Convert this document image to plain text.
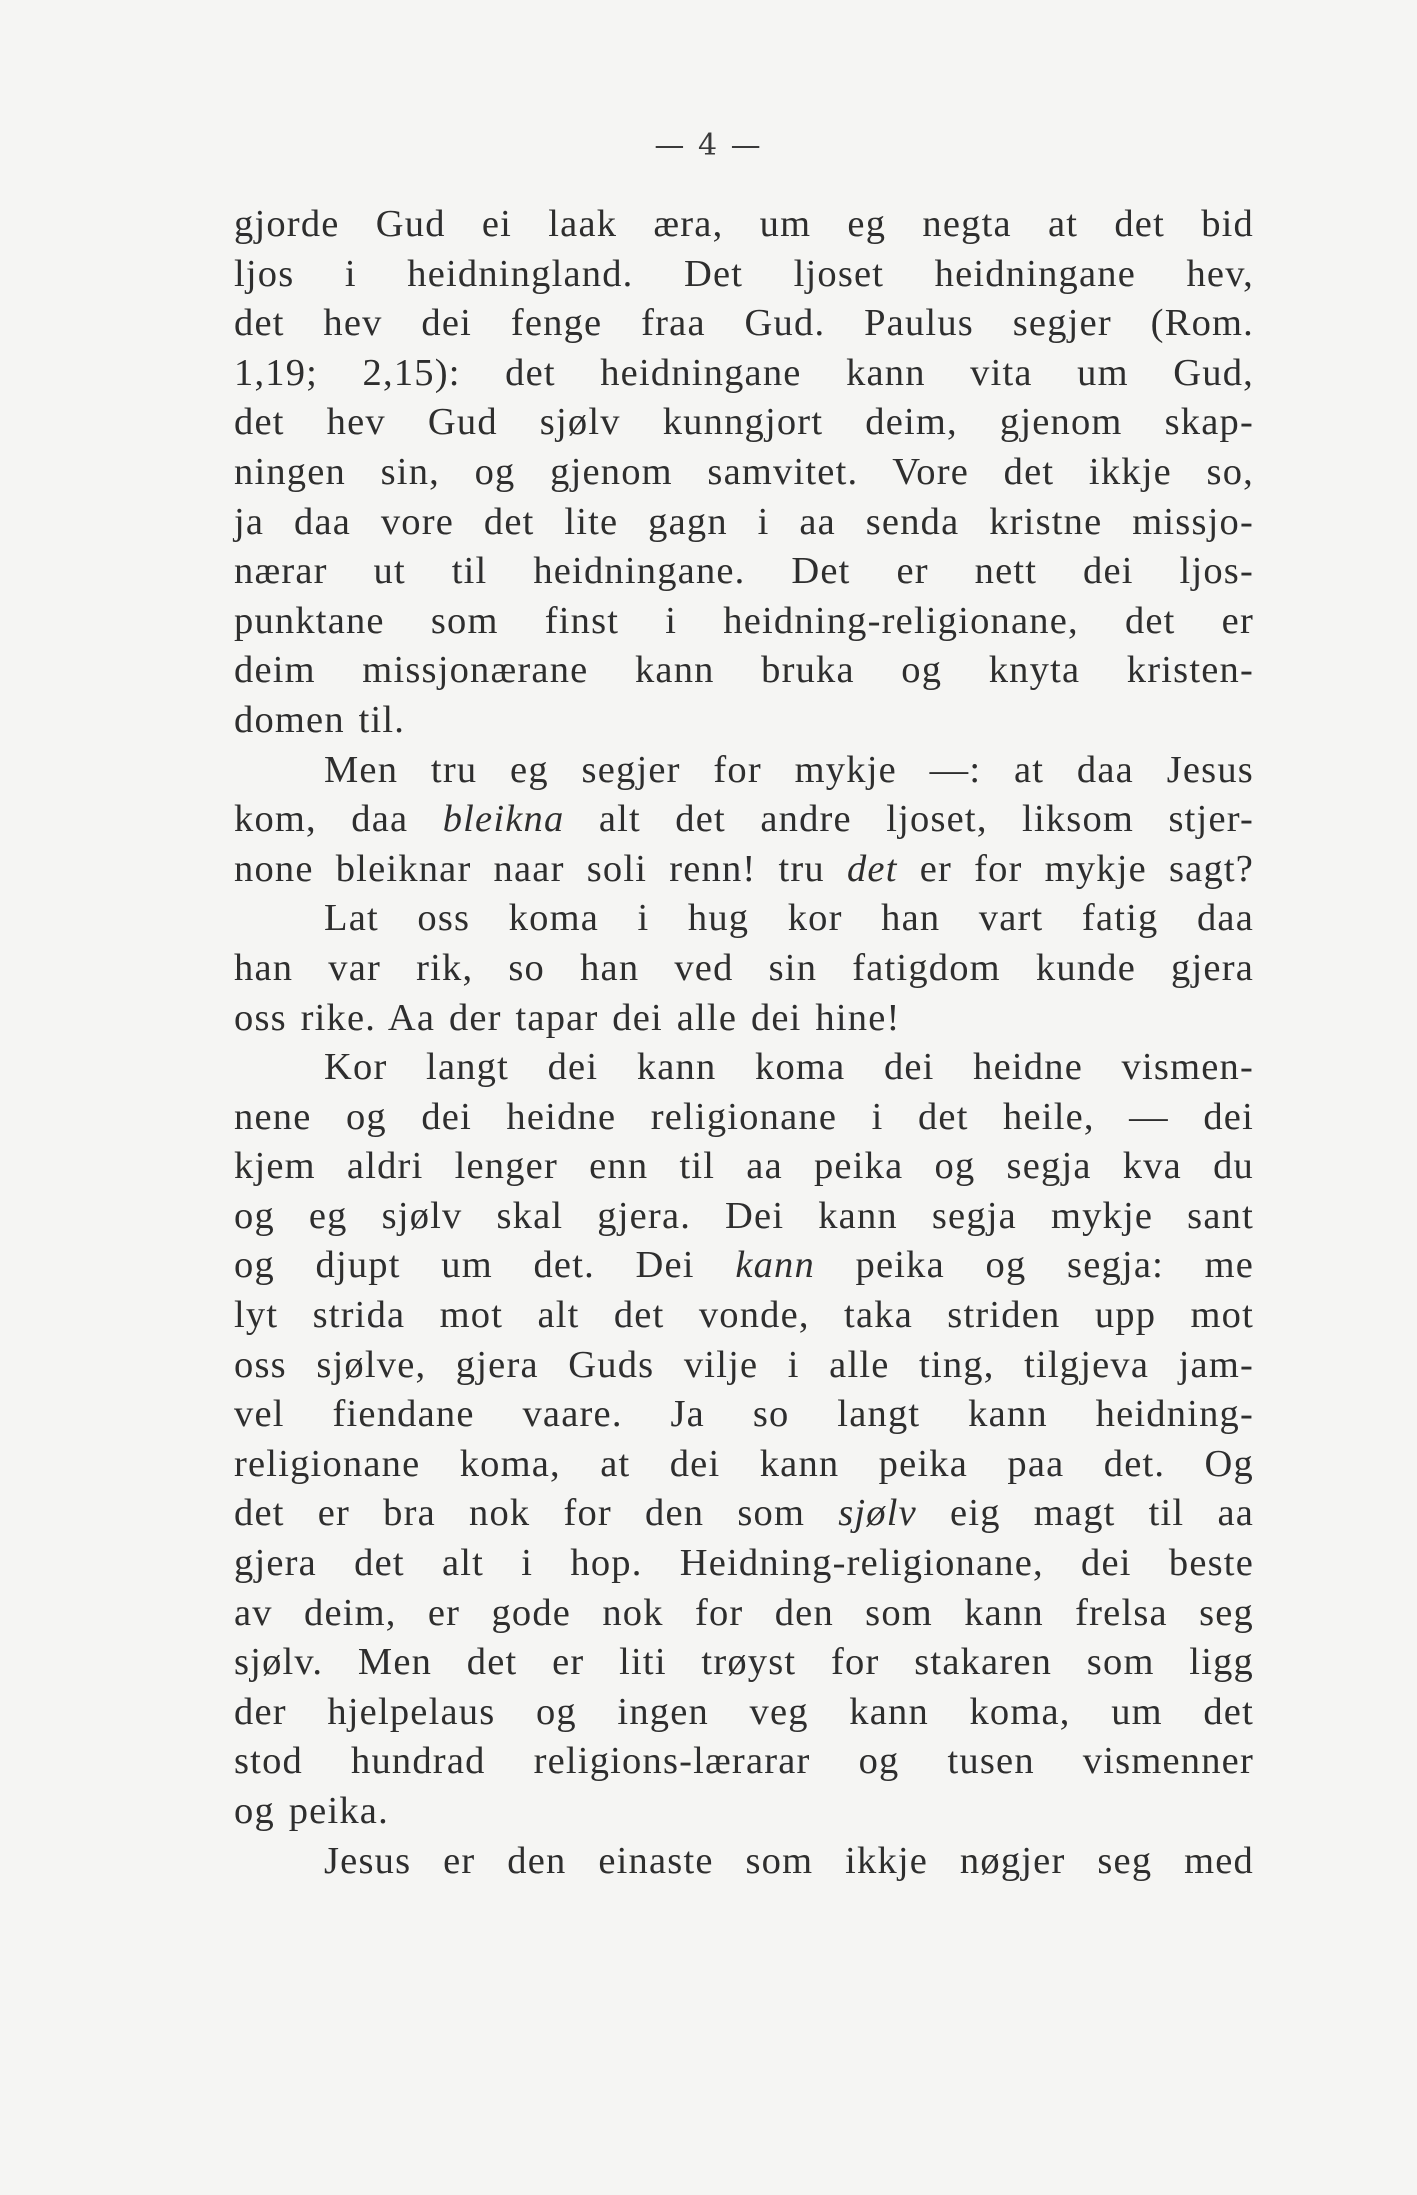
— 4 —
gjorde Gud ei laak æra, um eg negta at det bid
ljos i heidningland. Det ljoset heidningane hev,
det hev dei fenge fraa Gud. Paulus segjer (Rom.
1,19; 2,15): det heidningane kann vita um Gud,
det hev Gud sjølv kunngjort deim, gjenom skap-
ningen sin, og gjenom samvitet. Vore det ikkje so,
ja daa vore det lite gagn i aa senda kristne missjo-
nærar ut til heidningane. Det er nett dei ljos-
punktane som finst i heidning-religionane, det er
deim missjonærane kann bruka og knyta kristen-
domen til.
Men tru eg segjer for mykje —: at daa Jesus
kom, daa bleikna alt det andre ljoset, liksom stjer-
none bleiknar naar soli renn! tru det er for mykje sagt?
Lat oss koma i hug kor han vart fatig daa
han var rik, so han ved sin fatigdom kunde gjera
oss rike. Aa der tapar dei alle dei hine!
Kor langt dei kann koma dei heidne vismen-
nene og dei heidne religionane i det heile, — dei
kjem aldri lenger enn til aa peika og segja kva du
og eg sjølv skal gjera. Dei kann segja mykje sant
og djupt um det. Dei kann peika og segja: me
lyt strida mot alt det vonde, taka striden upp mot
oss sjølve, gjera Guds vilje i alle ting, tilgjeva jam-
vel fiendane vaare. Ja so langt kann heidning-
religionane koma, at dei kann peika paa det. Og
det er bra nok for den som sjølv eig magt til aa
gjera det alt i hop. Heidning-religionane, dei beste
av deim, er gode nok for den som kann frelsa seg
sjølv. Men det er liti trøyst for stakaren som ligg
der hjelpelaus og ingen veg kann koma, um det
stod hundrad religions-lærarar og tusen vismenner
og peika.
Jesus er den einaste som ikkje nøgjer seg med
